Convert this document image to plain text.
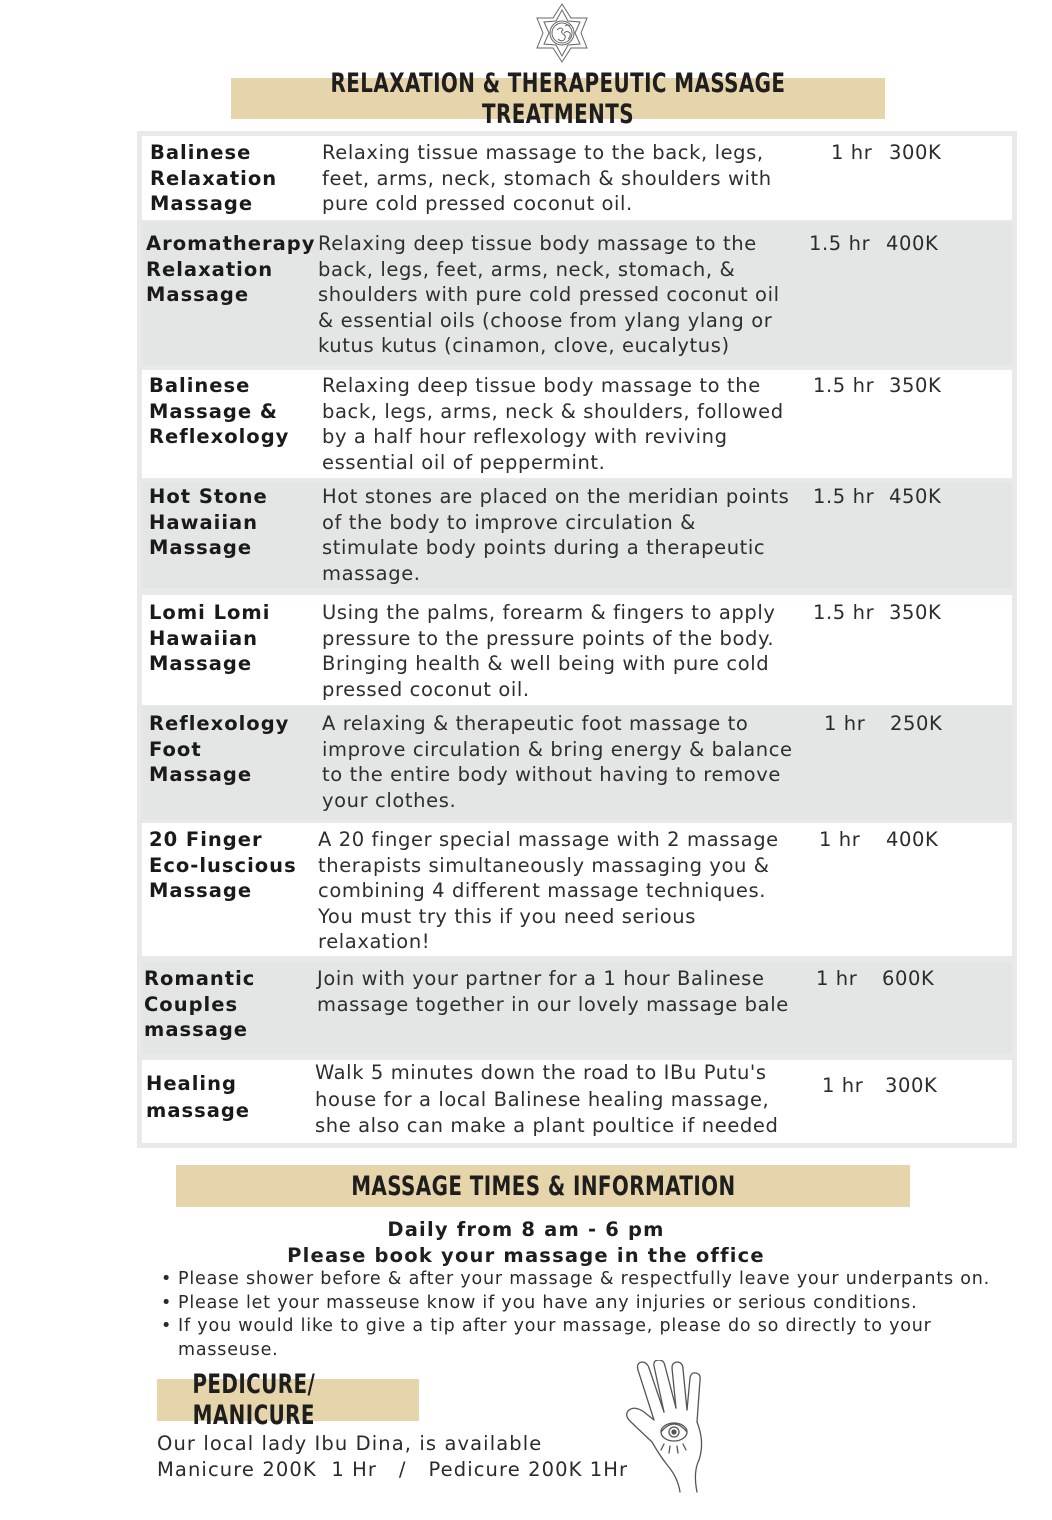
RELAXATION & THERAPEUTIC MASSAGE TREATMENTS
Balinese
Relaxation
Massage
Relaxing tissue massage to the back, legs,
feet, arms, neck, stomach & shoulders with
pure cold pressed coconut oil.
1 hr 300K
Aromatherapy
Relaxation
Massage
Relaxing deep tissue body massage to the
back, legs, feet, arms, neck, stomach, &
shoulders with pure cold pressed coconut oil
& essential oils (choose from ylang ylang or
kutus kutus (cinamon, clove, eucalytus)
1.5 hr 400K
Balinese
Massage &
Reflexology
Relaxing deep tissue body massage to the
back, legs, arms, neck & shoulders, followed
by a half hour reflexology with reviving
essential oil of peppermint.
1.5 hr 350K
Hot Stone
Hawaiian
Massage
Hot stones are placed on the meridian points
of the body to improve circulation &
stimulate body points during a therapeutic
massage.
1.5 hr 450K
Lomi Lomi
Hawaiian
Massage
Using the palms, forearm & fingers to apply
pressure to the pressure points of the body.
Bringing health & well being with pure cold
pressed coconut oil.
1.5 hr 350K
Reflexology
Foot
Massage
A relaxing & therapeutic foot massage to
improve circulation & bring energy & balance
to the entire body without having to remove
your clothes.
1 hr 250K
20 Finger
Eco-luscious
Massage
A 20 finger special massage with 2 massage
therapists simultaneously massaging you &
combining 4 different massage techniques.
You must try this if you need serious
relaxation!
1 hr 400K
Romantic
Couples
massage
Join with your partner for a 1 hour Balinese
massage together in our lovely massage bale
1 hr 600K
Healing
massage
Walk 5 minutes down the road to IBu Putu's
house for a local Balinese healing massage,
she also can make a plant poultice if needed
1 hr 300K
MASSAGE TIMES & INFORMATION
Daily from 8 am - 6 pm
Please book your massage in the office
• Please shower before & after your massage & respectfully leave your underpants on.
• Please let your masseuse know if you have any injuries or serious conditions.
• If you would like to give a tip after your massage, please do so directly to your masseuse.
PEDICURE/ MANICURE
Our local lady Ibu Dina, is available
Manicure 200K  1 Hr   /   Pedicure 200K 1Hr
